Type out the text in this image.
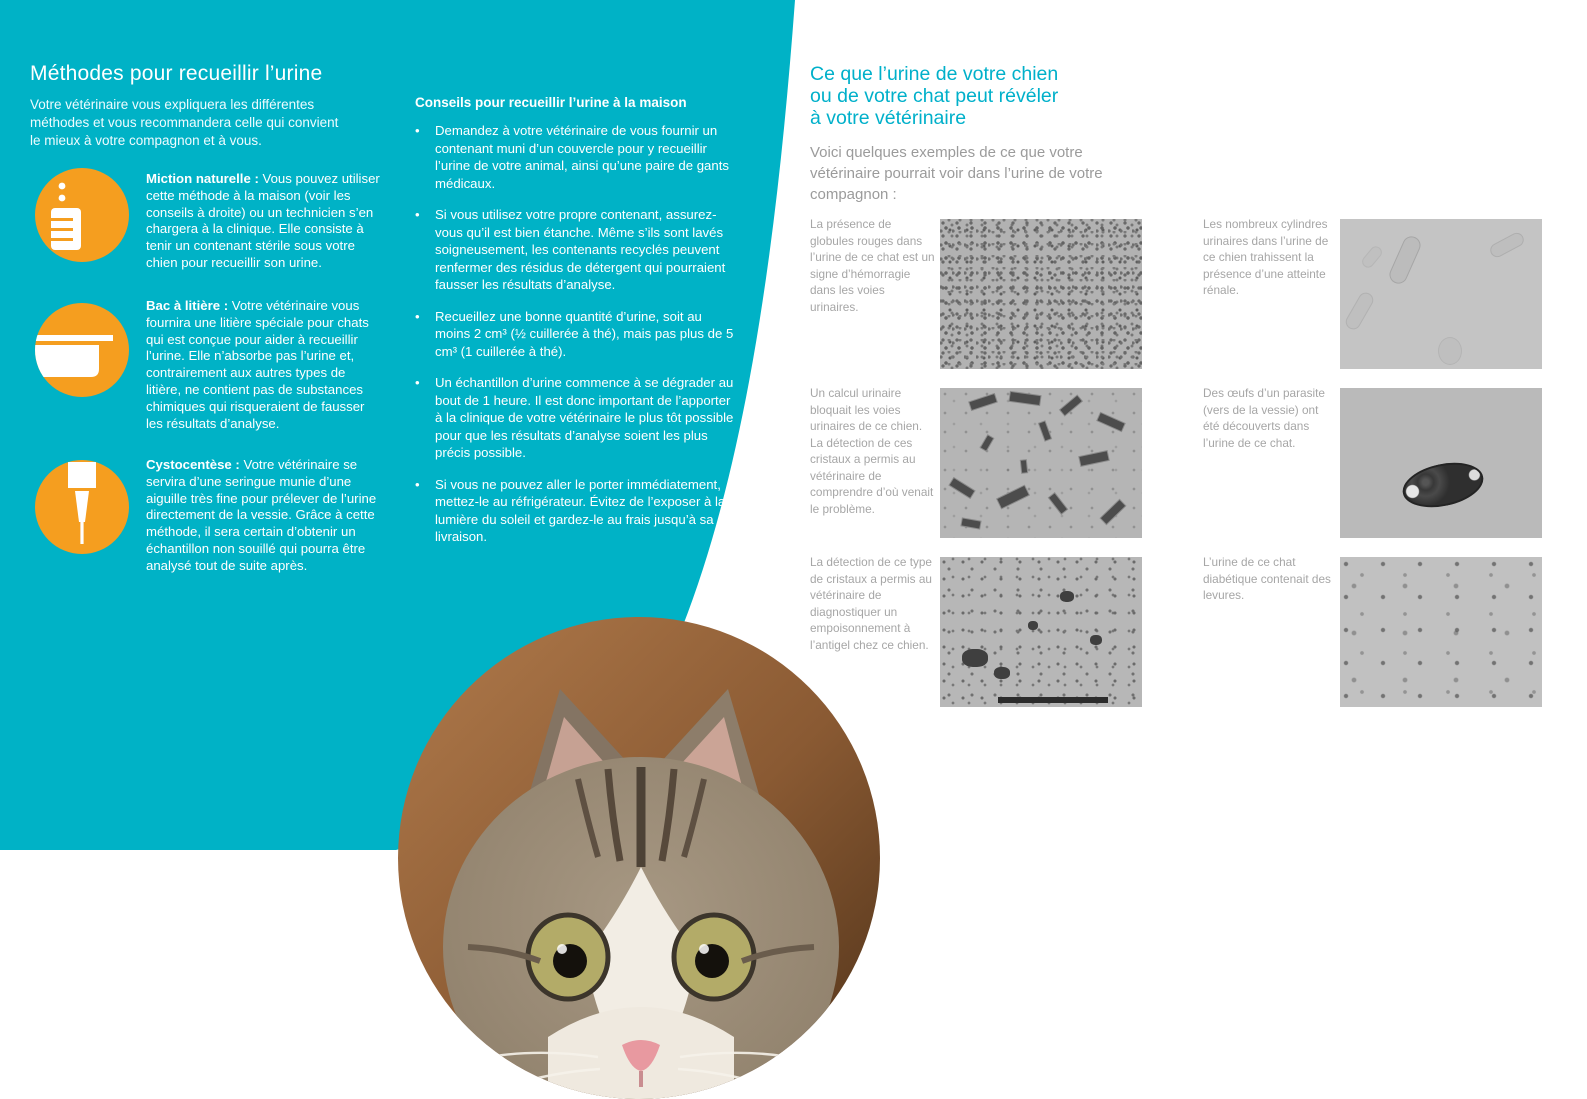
Méthodes pour recueillir l’urine

Votre vétérinaire vous expliquera les différentes méthodes et vous recommandera celle qui convient le mieux à votre compagnon et à vous.

Miction naturelle : Vous pouvez utiliser cette méthode à la maison (voir les conseils à droite) ou un technicien s’en chargera à la clinique. Elle consiste à tenir un contenant stérile sous votre chien pour recueillir son urine.

Bac à litière : Votre vétérinaire vous fournira une litière spéciale pour chats qui est conçue pour aider à recueillir l’urine. Elle n’absorbe pas l’urine et, contrairement aux autres types de litière, ne contient pas de substances chimiques qui risqueraient de fausser les résultats d’analyse.

Cystocentèse : Votre vétérinaire se servira d’une seringue munie d’une aiguille très fine pour prélever de l’urine directement de la vessie. Grâce à cette méthode, il sera certain d’obtenir un échantillon non souillé qui pourra être analysé tout de suite après.

Conseils pour recueillir l’urine à la maison
•
Demandez à votre vétérinaire de vous fournir un contenant muni d’un couvercle pour y recueillir l’urine de votre animal, ainsi qu’une paire de gants médicaux.
•
Si vous utilisez votre propre contenant, assurez-vous qu’il est bien étanche. Même s’ils sont lavés soigneusement, les contenants recyclés peuvent renfermer des résidus de détergent qui pourraient fausser les résultats d’analyse.
•
Recueillez une bonne quantité d’urine, soit au moins 2 cm³ (½ cuillerée à thé), mais pas plus de 5 cm³ (1 cuillerée à thé).
•
Un échantillon d’urine commence à se dégrader au bout de 1 heure. Il est donc important de l’apporter à la clinique de votre vétérinaire le plus tôt possible pour que les résultats d’analyse soient les plus précis possible.
•
Si vous ne pouvez aller le porter immédiatement, mettez-le au réfrigérateur. Évitez de l’exposer à la lumière du soleil et gardez-le au frais jusqu’à sa livraison.
Ce que l’urine de votre chien
ou de votre chat peut révéler
à votre vétérinaire

Voici quelques exemples de ce que votre vétérinaire pourrait voir dans l’urine de votre compagnon :

La présence de globules rouges dans l’urine de ce chat est un signe d’hémorragie dans les voies urinaires.

Les nombreux cylindres urinaires dans l’urine de ce chien trahissent la présence d’une atteinte rénale.

Un calcul urinaire bloquait les voies urinaires de ce chien. La détection de ces cristaux a permis au vétérinaire de comprendre d’où venait le problème.

Des œufs d’un parasite (vers de la vessie) ont été découverts dans l’urine de ce chat.

La détection de ce type de cristaux a permis au vétérinaire de diagnostiquer un empoisonnement à l’antigel chez ce chien.

L’urine de ce chat diabétique contenait des levures.
